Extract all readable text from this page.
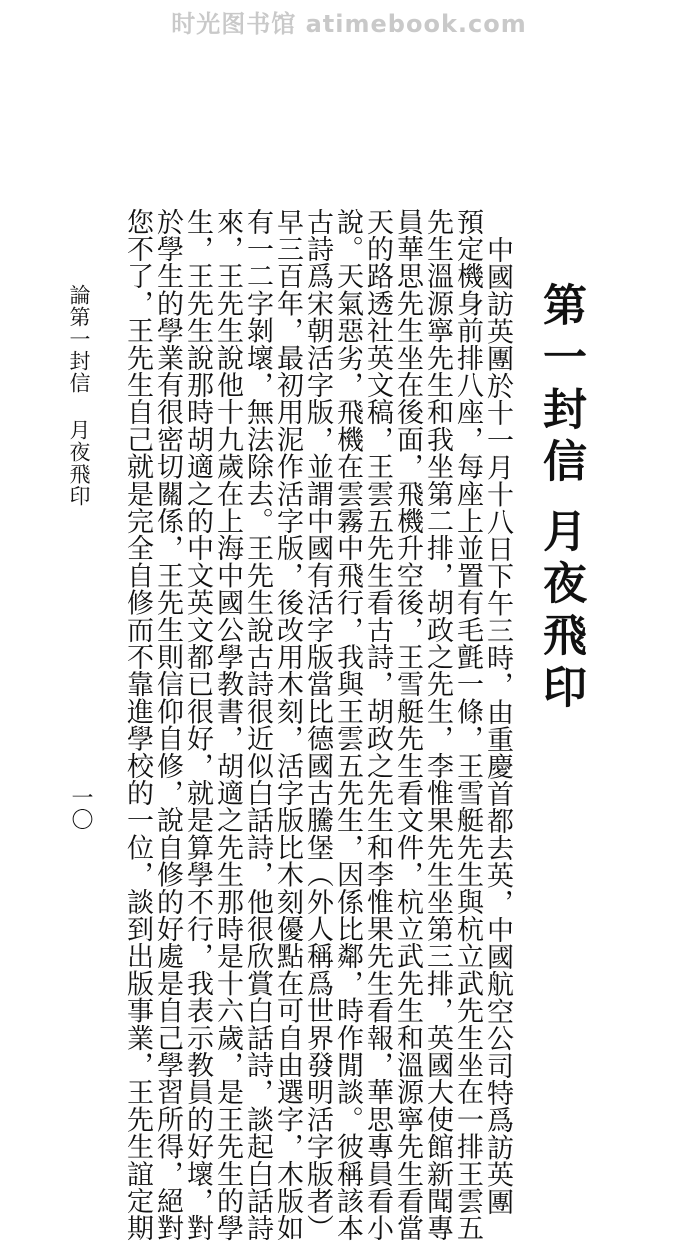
时光图书馆 atimebook.com
第一封信月夜飛印
中國訪英團於十一月十八日下午三時，由重慶首都去英，中國航空公司特爲訪英團
預定機身前排八座，每座上並置有毛氈一條，王雪艇先生與杭立武先生坐在一排王雲五
先生溫源寧先生和我坐第二排，胡政之先生，李惟果先生坐第三排，英國大使館新聞專
員華思先生坐在後面，飛機升空後，王雪艇先生看文件，杭立武先生和溫源寧先生看當
天的路透社英文稿，王雲五先生看古詩，胡政之先生和李惟果先生看報，華思專員看小
說。天氣惡劣，飛機在雲霧中飛行，我與王雲五先生，因係比鄰，時作閒談。彼稱該本
古詩爲宋朝活字版，並謂中國有活字版當比德國古騰堡（外人稱爲世界發明活字版者）
早三百年，最初用泥作活字版，後改用木刻，活字版比木刻優點在可自由選字，木版如
有一二字剝壞，無法除去。王先生說古詩很近似白話詩，他很欣賞白話詩，談起白話詩
來，王先生說他十九歲在上海中國公學教書，胡適之先生那時是十六歲，是王先生的學
生，王先生說那時胡適之的中文英文都已很好，就是算學不行，我表示教員的好壞，對
於學生的學業有很密切關係，王先生則信仰自修，說自修的好處是自己學習所得，絕對
您不了，王先生自己就是完全自修而不靠進學校的一位，談到出版事業，王先生誼定期
論第一封信 月夜飛印
一〇
